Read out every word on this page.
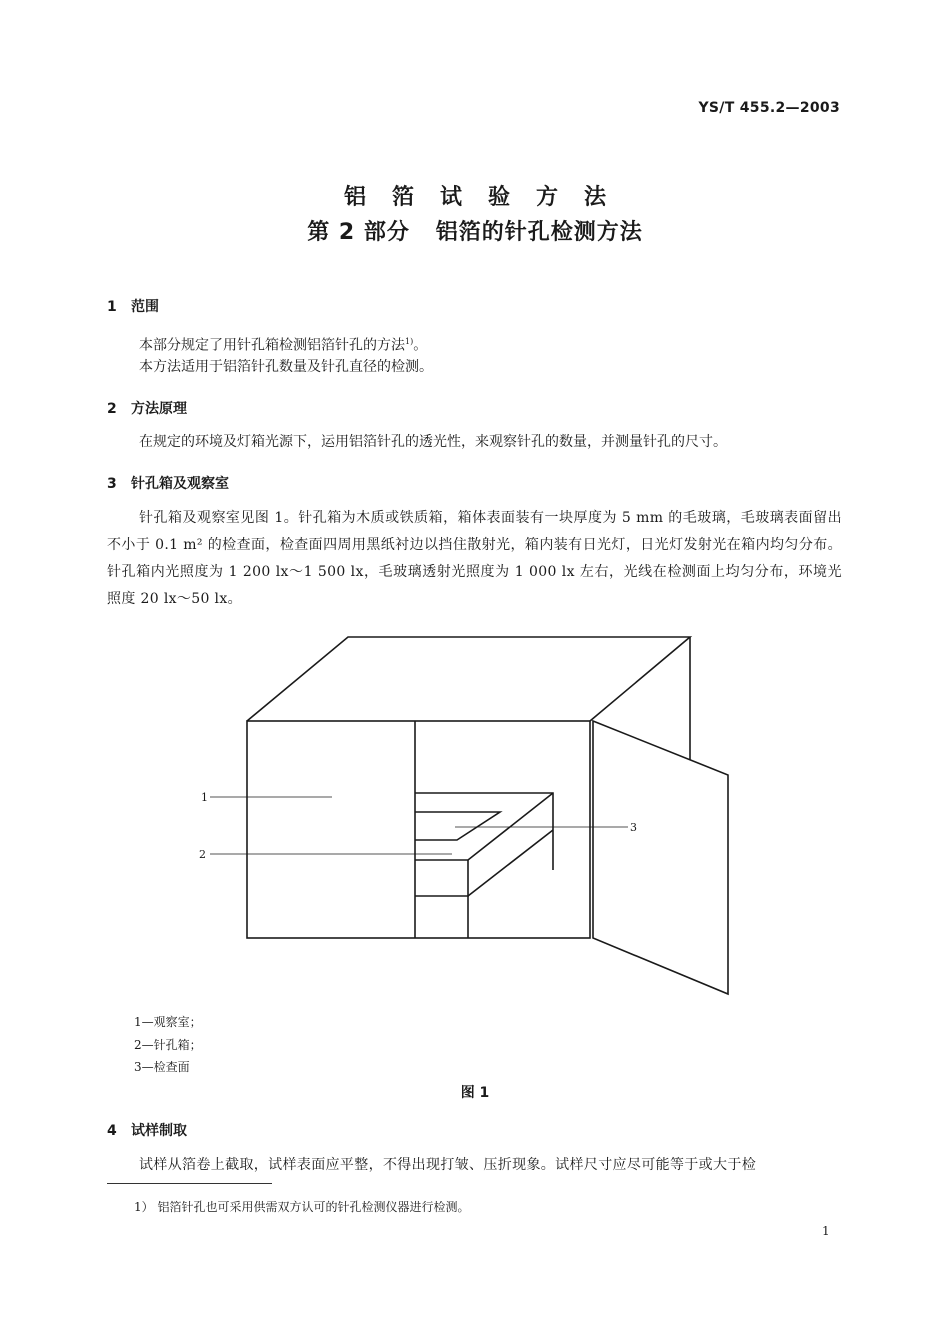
YS/T 455.2—2003
铝箔试验方法
第 2 部分   铝箔的针孔检测方法
1 范围

本部分规定了用针孔箱检测铝箔针孔的方法$^{1)}$。

本方法适用于铝箔针孔数量及针孔直径的检测。

2 方法原理

在规定的环境及灯箱光源下，运用铝箔针孔的透光性，来观察针孔的数量，并测量针孔的尺寸。

3 针孔箱及观察室

针孔箱及观察室见图 1。针孔箱为木质或铁质箱，箱体表面装有一块厚度为 5 mm 的毛玻璃，毛玻璃表面留出不小于 0.1 m² 的检查面，检查面四周用黑纸衬边以挡住散射光，箱内装有日光灯，日光灯发射光在箱内均匀分布。针孔箱内光照度为 1 200 lx～1 500 lx，毛玻璃透射光照度为 1 000 lx 左右，光线在检测面上均匀分布，环境光照度 20 lx～50 lx。

1
2
3
1—观察室；
2—针孔箱；
3—检查面
图 1
4 试样制取

试样从箔卷上截取，试样表面应平整，不得出现打皱、压折现象。试样尺寸应尽可能等于或大于检

1） 铝箔针孔也可采用供需双方认可的针孔检测仪器进行检测。
1
